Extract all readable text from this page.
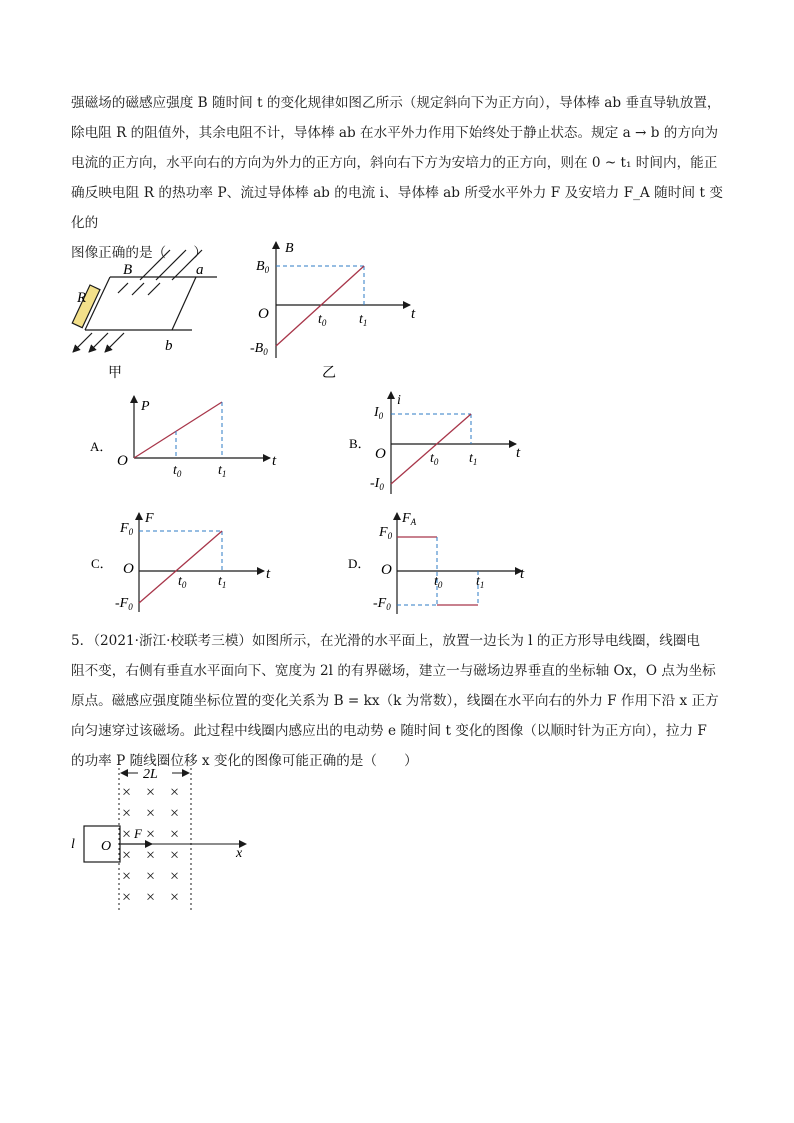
强磁场的磁感应强度 B 随时间 t 的变化规律如图乙所示（规定斜向下为正方向），导体棒 ab 垂直导轨放置，
除电阻 R 的阻值外，其余电阻不计，导体棒 ab 在水平外力作用下始终处于静止状态。规定 a → b 的方向为
电流的正方向，水平向右的方向为外力的正方向，斜向右下方为安培力的正方向，则在 0 ~ t₁ 时间内，能正
确反映电阻 R 的热功率 P、流过导体棒 ab 的电流 i、导体棒 ab 所受水平外力 F 及安培力 F_A 随时间 t 变化的
图像正确的是（　　）
B	a
R
b
甲
B
$B_0$
$-B_0$
O	$t_0$ $t_1$
t
乙
A．
P
O
$t_0$	$t_1$
t
B．
i
$I_0$
$-I_0$
O	$t_0$ $t_1$
t
C．
F
$F_0$
$-F_0$
O
$t_0$ $t_1$
t
D．
$F_A$
$F_0$
$-F_0$
O
$t_0$ $t_1$
t
2L
l O
F
x
× × ×
× × ×
× × ×
× × ×
× × ×
× × ×
5．（2021·浙江·校联考三模）如图所示，在光滑的水平面上，放置一边长为 l 的正方形导电线圈，线圈电
阻不变，右侧有垂直水平面向下、宽度为 2l 的有界磁场，建立一与磁场边界垂直的坐标轴 Ox，O 点为坐标
原点。磁感应强度随坐标位置的变化关系为 B = kx（k 为常数），线圈在水平向右的外力 F 作用下沿 x 正方
向匀速穿过该磁场。此过程中线圈内感应出的电动势 e 随时间 t 变化的图像（以顺时针为正方向），拉力 F
的功率 P 随线圈位移 x 变化的图像可能正确的是（　　）
